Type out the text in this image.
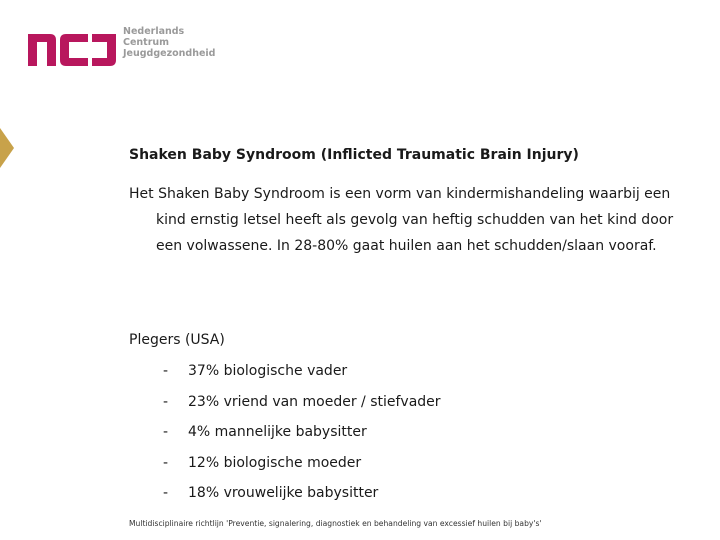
Nederlands
Centrum
Jeugdgezondheid
Shaken Baby Syndroom (Inflicted Traumatic Brain Injury)
Het Shaken Baby Syndroom is een vorm van kindermishandeling waarbij een kind ernstig letsel heeft als gevolg van heftig schudden van het kind door een volwassene. In 28-80% gaat huilen aan het schudden/slaan vooraf.
Plegers (USA)
-	37% biologische vader
-	23% vriend van moeder / stiefvader
-	4% mannelijke babysitter
-	12% biologische moeder
-	18% vrouwelijke babysitter
Multidisciplinaire richtlijn 'Preventie, signalering, diagnostiek en behandeling van excessief huilen bij baby's'
